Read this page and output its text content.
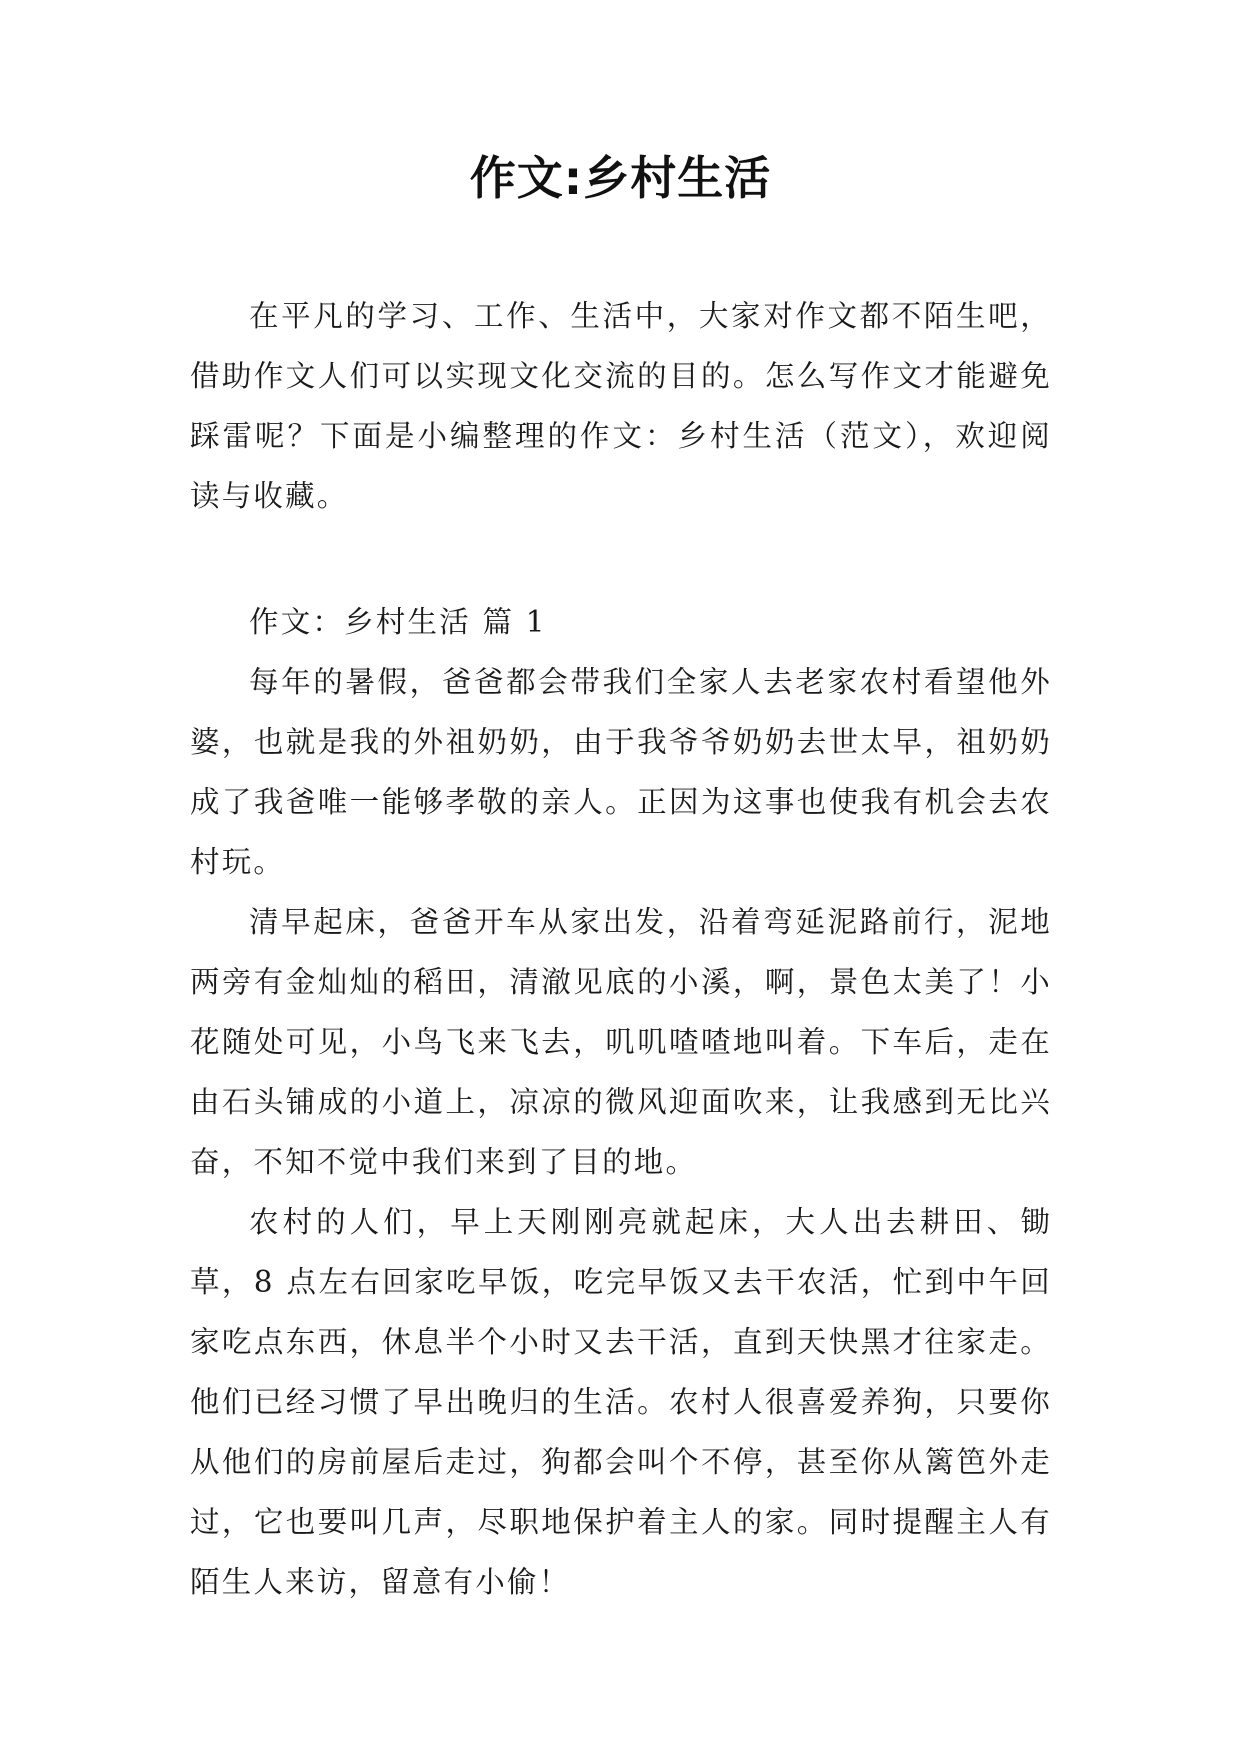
作文:乡村生活

在平凡的学习、工作、生活中，大家对作文都不陌生吧，借助作文人们可以实现文化交流的目的。怎么写作文才能避免踩雷呢？下面是小编整理的作文：乡村生活（范文），欢迎阅读与收藏。

作文：乡村生活 篇 1

每年的暑假，爸爸都会带我们全家人去老家农村看望他外婆，也就是我的外祖奶奶，由于我爷爷奶奶去世太早，祖奶奶成了我爸唯一能够孝敬的亲人。正因为这事也使我有机会去农村玩。

清早起床，爸爸开车从家出发，沿着弯延泥路前行，泥地两旁有金灿灿的稻田，清澈见底的小溪，啊，景色太美了！小花随处可见，小鸟飞来飞去，叽叽喳喳地叫着。下车后，走在由石头铺成的小道上，凉凉的微风迎面吹来，让我感到无比兴奋，不知不觉中我们来到了目的地。

农村的人们，早上天刚刚亮就起床，大人出去耕田、锄草，8 点左右回家吃早饭，吃完早饭又去干农活，忙到中午回家吃点东西，休息半个小时又去干活，直到天快黑才往家走。他们已经习惯了早出晚归的生活。农村人很喜爱养狗，只要你从他们的房前屋后走过，狗都会叫个不停，甚至你从篱笆外走过，它也要叫几声，尽职地保护着主人的家。同时提醒主人有陌生人来访，留意有小偷！
